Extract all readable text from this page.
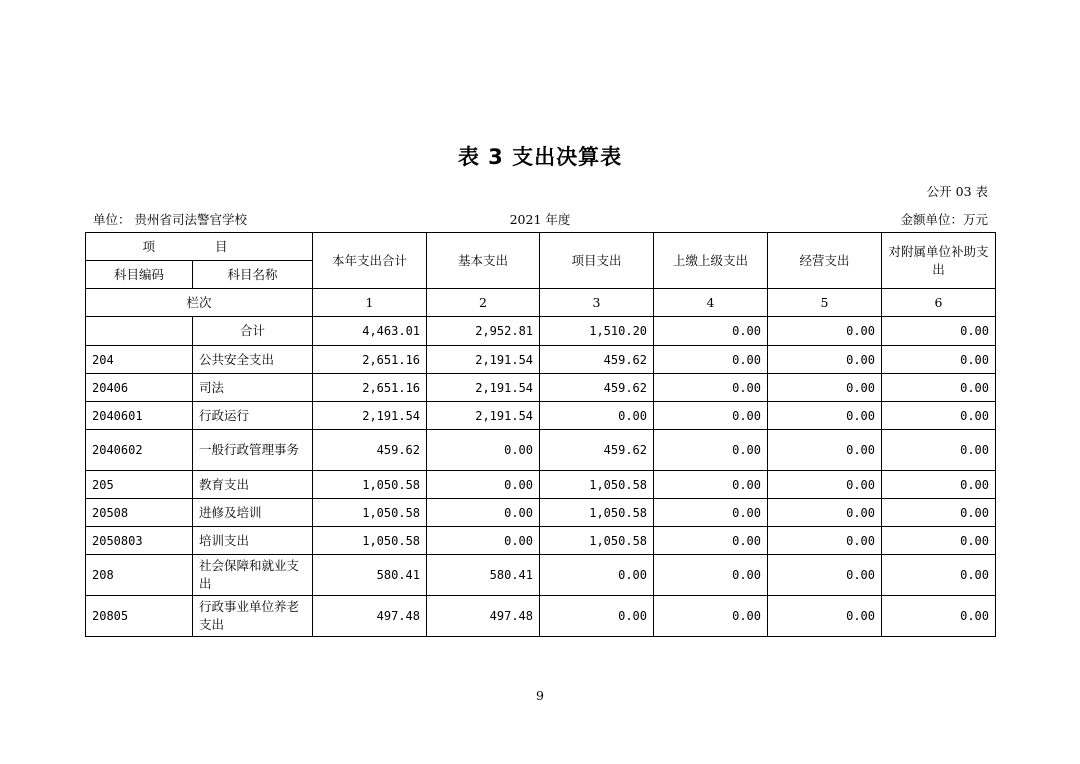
表 3 支出决算表
公开 03 表
单位： 贵州省司法警官学校	2021 年度	金额单位：万元
项 目		本年支出合计	基本支出	项目支出	上缴上级支出	经营支出	对附属单位补助支出
科目编码	科目名称						
栏次		1	2	3	4	5	6
	合计	4,463.01	2,952.81	1,510.20	0.00	0.00	0.00
204	公共安全支出	2,651.16	2,191.54	459.62	0.00	0.00	0.00
20406	司法	2,651.16	2,191.54	459.62	0.00	0.00	0.00
2040601	行政运行	2,191.54	2,191.54	0.00	0.00	0.00	0.00
2040602	一般行政管理事务	459.62	0.00	459.62	0.00	0.00	0.00
205	教育支出	1,050.58	0.00	1,050.58	0.00	0.00	0.00
20508	进修及培训	1,050.58	0.00	1,050.58	0.00	0.00	0.00
2050803	培训支出	1,050.58	0.00	1,050.58	0.00	0.00	0.00
208	社会保障和就业支出	580.41	580.41	0.00	0.00	0.00	0.00
20805	行政事业单位养老支出	497.48	497.48	0.00	0.00	0.00	0.00
9
